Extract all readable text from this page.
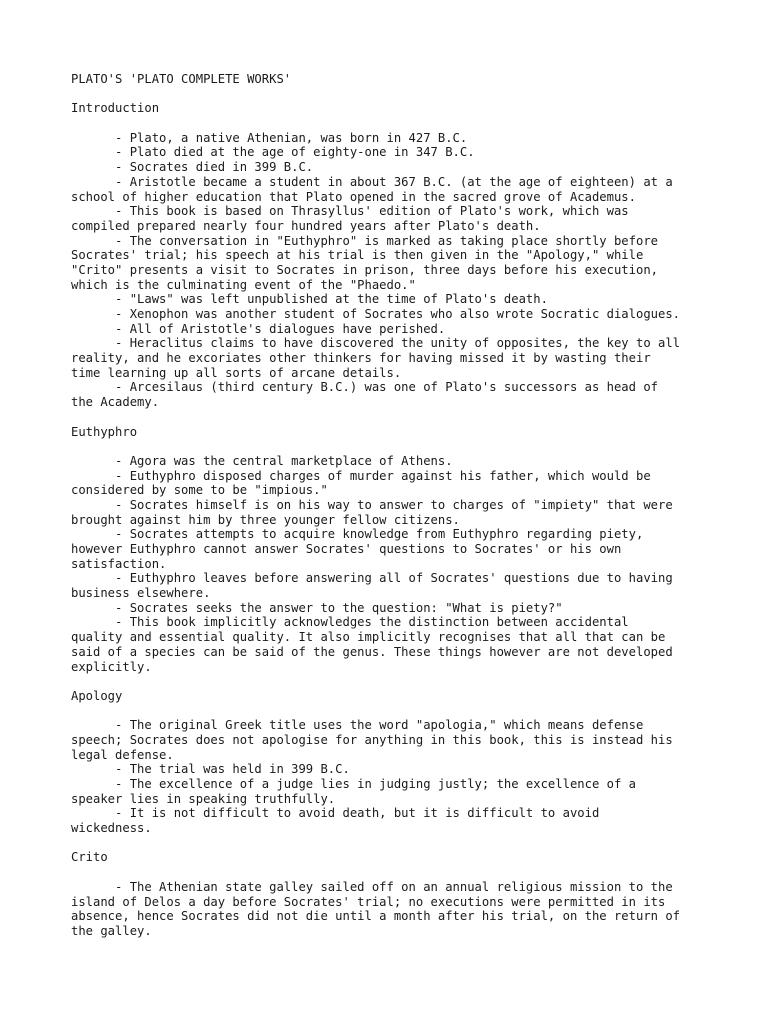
PLATO'S 'PLATO COMPLETE WORKS'
Introduction
- Plato, a native Athenian, was born in 427 B.C.
- Plato died at the age of eighty-one in 347 B.C.
- Socrates died in 399 B.C.
- Aristotle became a student in about 367 B.C. (at the age of eighteen) at a
school of higher education that Plato opened in the sacred grove of Academus.
- This book is based on Thrasyllus' edition of Plato's work, which was
compiled prepared nearly four hundred years after Plato's death.
- The conversation in "Euthyphro" is marked as taking place shortly before
Socrates' trial; his speech at his trial is then given in the "Apology," while
"Crito" presents a visit to Socrates in prison, three days before his execution,
which is the culminating event of the "Phaedo."
- "Laws" was left unpublished at the time of Plato's death.
- Xenophon was another student of Socrates who also wrote Socratic dialogues.
- All of Aristotle's dialogues have perished.
- Heraclitus claims to have discovered the unity of opposites, the key to all
reality, and he excoriates other thinkers for having missed it by wasting their
time learning up all sorts of arcane details.
- Arcesilaus (third century B.C.) was one of Plato's successors as head of
the Academy.
Euthyphro
- Agora was the central marketplace of Athens.
- Euthyphro disposed charges of murder against his father, which would be
considered by some to be "impious."
- Socrates himself is on his way to answer to charges of "impiety" that were
brought against him by three younger fellow citizens.
- Socrates attempts to acquire knowledge from Euthyphro regarding piety,
however Euthyphro cannot answer Socrates' questions to Socrates' or his own
satisfaction.
- Euthyphro leaves before answering all of Socrates' questions due to having
business elsewhere.
- Socrates seeks the answer to the question: "What is piety?"
- This book implicitly acknowledges the distinction between accidental
quality and essential quality. It also implicitly recognises that all that can be
said of a species can be said of the genus. These things however are not developed
explicitly.
Apology
- The original Greek title uses the word "apologia," which means defense
speech; Socrates does not apologise for anything in this book, this is instead his
legal defense.
- The trial was held in 399 B.C.
- The excellence of a judge lies in judging justly; the excellence of a
speaker lies in speaking truthfully.
- It is not difficult to avoid death, but it is difficult to avoid
wickedness.
Crito
- The Athenian state galley sailed off on an annual religious mission to the
island of Delos a day before Socrates' trial; no executions were permitted in its
absence, hence Socrates did not die until a month after his trial, on the return of
the galley.
